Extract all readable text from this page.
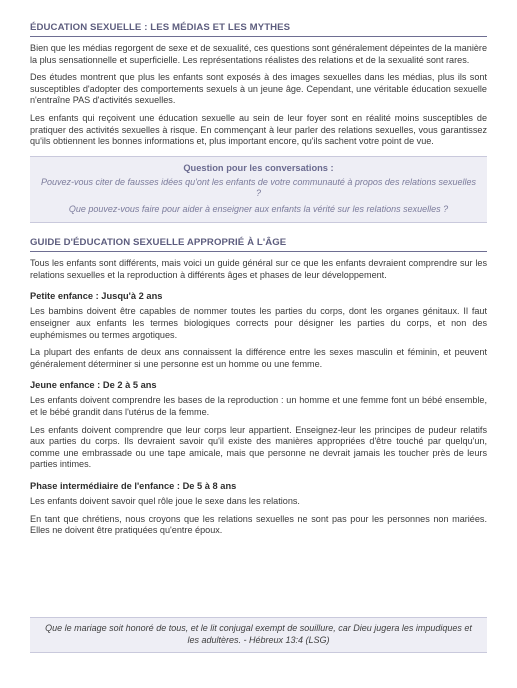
ÉDUCATION SEXUELLE : LES MÉDIAS ET LES MYTHES

Bien que les médias regorgent de sexe et de sexualité, ces questions sont généralement dépeintes de la manière la plus sensationnelle et superficielle. Les représentations réalistes des relations et de la sexualité sont rares.

Des études montrent que plus les enfants sont exposés à des images sexuelles dans les médias, plus ils sont susceptibles d'adopter des comportements sexuels à un jeune âge. Cependant, une véritable éducation sexuelle n'entraîne PAS d'activités sexuelles.

Les enfants qui reçoivent une éducation sexuelle au sein de leur foyer sont en réalité moins susceptibles de pratiquer des activités sexuelles à risque. En commençant à leur parler des relations sexuelles, vous garantissez qu'ils obtiennent les bonnes informations et, plus important encore, qu'ils sachent votre point de vue.

Question pour les conversations :

Pouvez-vous citer de fausses idées qu'ont les enfants de votre communauté à propos des relations sexuelles ?

Que pouvez-vous faire pour aider à enseigner aux enfants la vérité sur les relations sexuelles ?

GUIDE D'ÉDUCATION SEXUELLE APPROPRIÉ À L'ÂGE

Tous les enfants sont différents, mais voici un guide général sur ce que les enfants devraient comprendre sur les relations sexuelles et la reproduction à différents âges et phases de leur développement.

Petite enfance : Jusqu'à 2 ans

Les bambins doivent être capables de nommer toutes les parties du corps, dont les organes génitaux. Il faut enseigner aux enfants les termes biologiques corrects pour désigner les parties du corps, et non des euphémismes ou termes argotiques.

La plupart des enfants de deux ans connaissent la différence entre les sexes masculin et féminin, et peuvent généralement déterminer si une personne est un homme ou une femme.

Jeune enfance : De 2 à 5 ans

Les enfants doivent comprendre les bases de la reproduction : un homme et une femme font un bébé ensemble, et le bébé grandit dans l'utérus de la femme.

Les enfants doivent comprendre que leur corps leur appartient. Enseignez-leur les principes de pudeur relatifs aux parties du corps. Ils devraient savoir qu'il existe des manières appropriées d'être touché par quelqu'un, comme une embrassade ou une tape amicale, mais que personne ne devrait jamais les toucher près de leurs parties intimes.

Phase intermédiaire de l'enfance : De 5 à 8 ans

Les enfants doivent savoir quel rôle joue le sexe dans les relations.

En tant que chrétiens, nous croyons que les relations sexuelles ne sont pas pour les personnes non mariées. Elles ne doivent être pratiquées qu'entre époux.

Que le mariage soit honoré de tous, et le lit conjugal exempt de souillure, car Dieu jugera les impudiques et les adultères. - Hébreux 13:4 (LSG)
